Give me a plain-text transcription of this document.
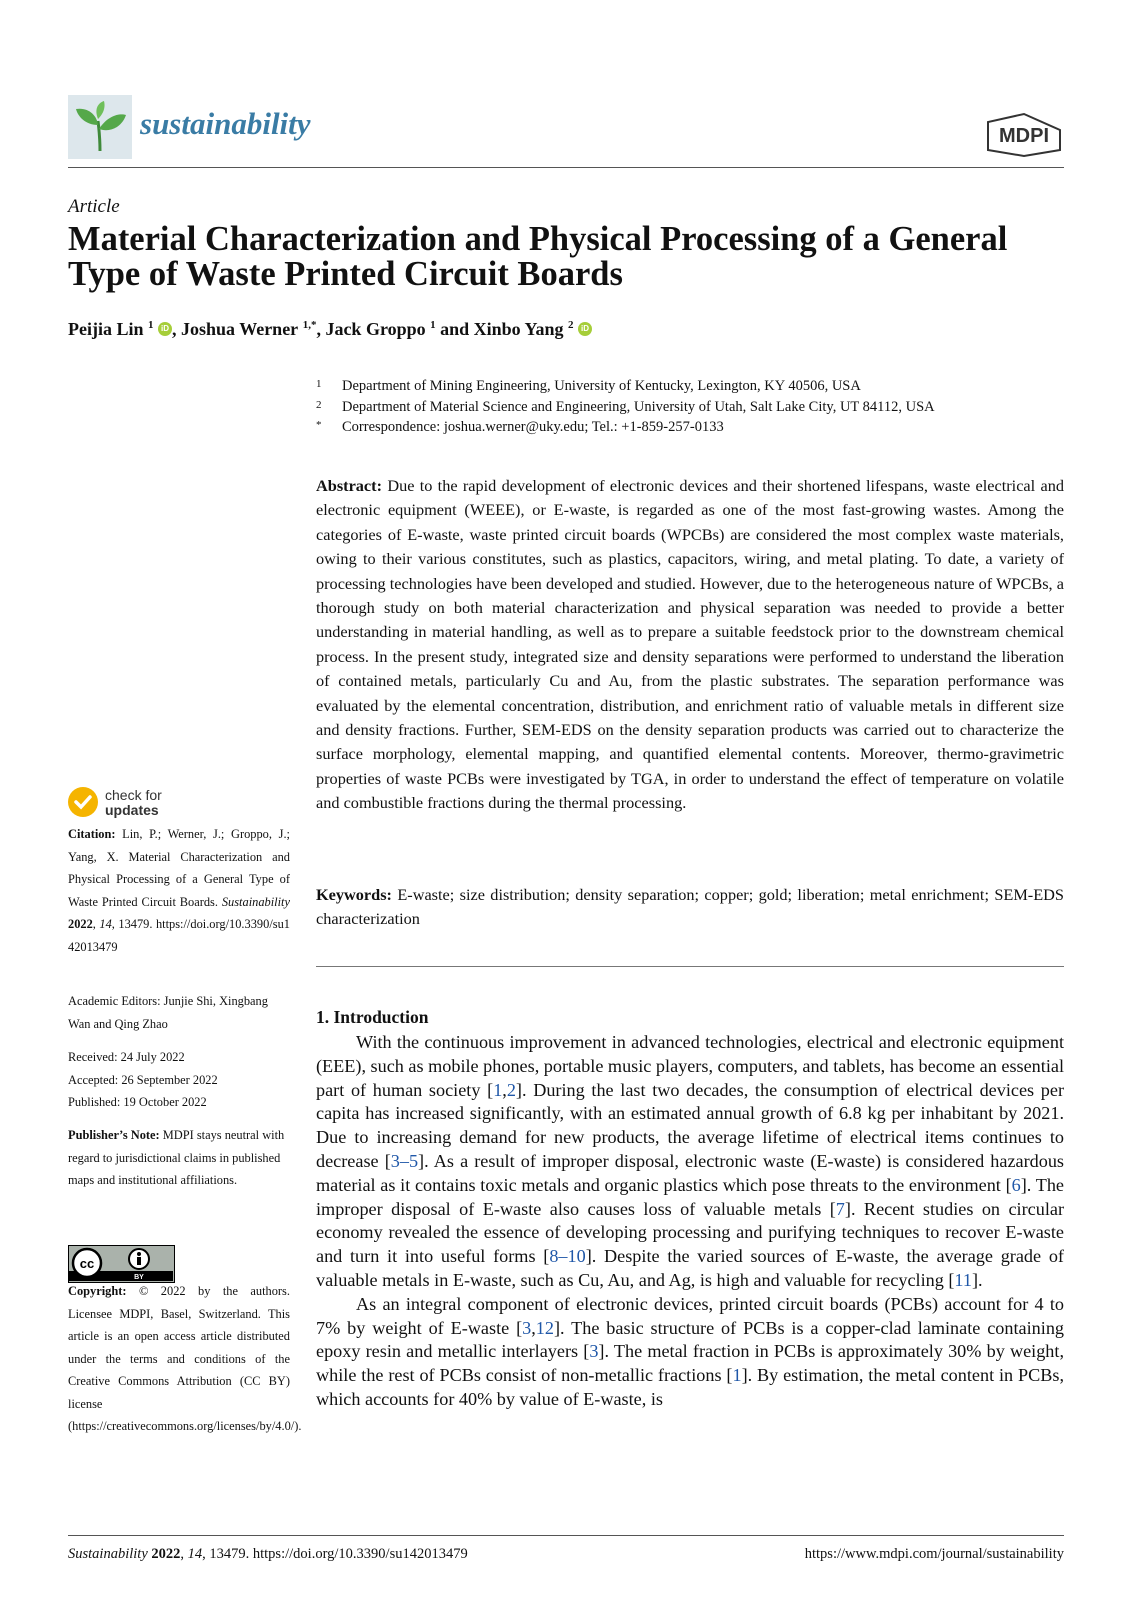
sustainability	MDPI
Article
Material Characterization and Physical Processing of a General Type of Waste Printed Circuit Boards
Peijia Lin $^1$ iD , Joshua Werner $^{1,*}$, Jack Groppo $^1$ and Xinbo Yang $^2$ iD
1 Department of Mining Engineering, University of Kentucky, Lexington, KY 40506, USA
2 Department of Material Science and Engineering, University of Utah, Salt Lake City, UT 84112, USA
* Correspondence: joshua.werner@uky.edu; Tel.: +1-859-257-0133
Abstract: Due to the rapid development of electronic devices and their shortened lifespans, waste electrical and electronic equipment (WEEE), or E-waste, is regarded as one of the most fast-growing wastes. Among the categories of E-waste, waste printed circuit boards (WPCBs) are considered the most complex waste materials, owing to their various constitutes, such as plastics, capacitors, wiring, and metal plating. To date, a variety of processing technologies have been developed and studied. However, due to the heterogeneous nature of WPCBs, a thorough study on both material characterization and physical separation was needed to provide a better understanding in material handling, as well as to prepare a suitable feedstock prior to the downstream chemical process. In the present study, integrated size and density separations were performed to understand the liberation of contained metals, particularly Cu and Au, from the plastic substrates. The separation performance was evaluated by the elemental concentration, distribution, and enrichment ratio of valuable metals in different size and density fractions. Further, SEM-EDS on the density separation products was carried out to characterize the surface morphology, elemental mapping, and quantified elemental contents. Moreover, thermo-gravimetric properties of waste PCBs were investigated by TGA, in order to understand the effect of temperature on volatile and combustible fractions during the thermal processing.
Keywords: E-waste; size distribution; density separation; copper; gold; liberation; metal enrichment; SEM-EDS characterization
1. Introduction

With the continuous improvement in advanced technologies, electrical and electronic equipment (EEE), such as mobile phones, portable music players, computers, and tablets, has become an essential part of human society [1,2]. During the last two decades, the consumption of electrical devices per capita has increased significantly, with an estimated annual growth of 6.8 kg per inhabitant by 2021. Due to increasing demand for new products, the average lifetime of electrical items continues to decrease [3–5]. As a result of improper disposal, electronic waste (E-waste) is considered hazardous material as it contains toxic metals and organic plastics which pose threats to the environment [6]. The improper disposal of E-waste also causes loss of valuable metals [7]. Recent studies on circular economy revealed the essence of developing processing and purifying techniques to recover E-waste and turn it into useful forms [8–10]. Despite the varied sources of E-waste, the average grade of valuable metals in E-waste, such as Cu, Au, and Ag, is high and valuable for recycling [11].

As an integral component of electronic devices, printed circuit boards (PCBs) account for 4 to 7% by weight of E-waste [3,12]. The basic structure of PCBs is a copper-clad laminate containing epoxy resin and metallic interlayers [3]. The metal fraction in PCBs is approximately 30% by weight, while the rest of PCBs consist of non-metallic fractions [1]. By estimation, the metal content in PCBs, which accounts for 40% by value of E-waste, is

check for
updates

Citation: Lin, P.; Werner, J.; Groppo, J.; Yang, X. Material Characterization and Physical Processing of a General Type of Waste Printed Circuit Boards. Sustainability 2022, 14, 13479. https://doi.org/10.3390/su142013479

Academic Editors: Junjie Shi, Xingbang Wan and Qing Zhao

Received: 24 July 2022

Accepted: 26 September 2022

Published: 19 October 2022

Publisher’s Note: MDPI stays neutral with regard to jurisdictional claims in published maps and institutional affiliations.

cc
BY

Copyright: © 2022 by the authors. Licensee MDPI, Basel, Switzerland. This article is an open access article distributed under the terms and conditions of the Creative Commons Attribution (CC BY) license (https://creativecommons.org/licenses/by/4.0/).

Sustainability 2022, 14, 13479. https://doi.org/10.3390/su142013479	https://www.mdpi.com/journal/sustainability
